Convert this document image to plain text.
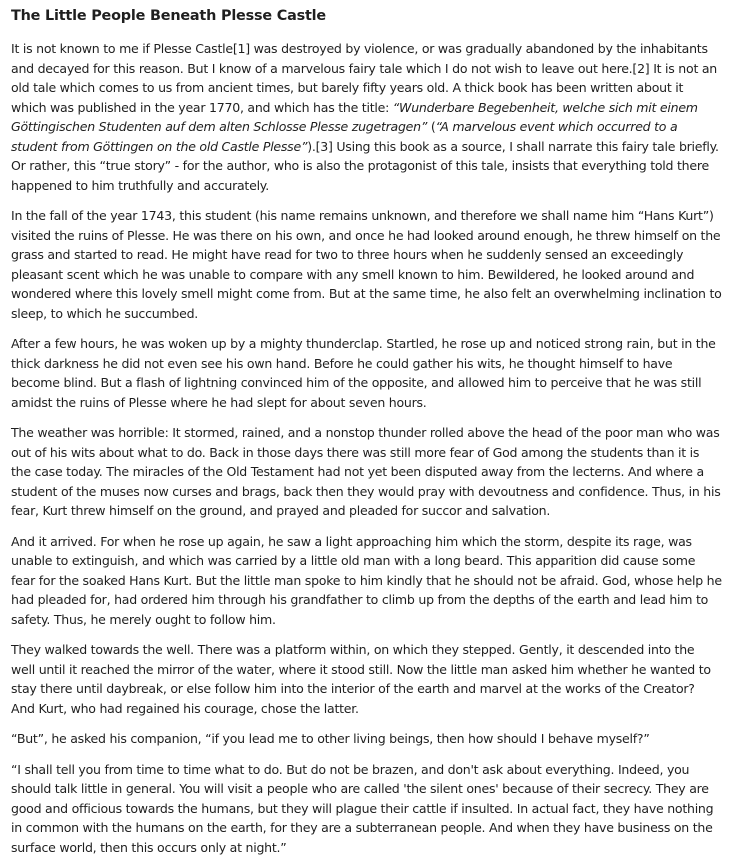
The Little People Beneath Plesse Castle

It is not known to me if Plesse Castle[1] was destroyed by violence, or was gradually abandoned by the inhabitants and decayed for this reason. But I know of a marvelous fairy tale which I do not wish to leave out here.[2] It is not an old tale which comes to us from ancient times, but barely fifty years old. A thick book has been written about it which was published in the year 1770, and which has the title: “Wunderbare Begebenheit, welche sich mit einem Göttingischen Studenten auf dem alten Schlosse Plesse zugetragen” (“A marvelous event which occurred to a student from Göttingen on the old Castle Plesse”).[3] Using this book as a source, I shall narrate this fairy tale briefly. Or rather, this “true story” - for the author, who is also the protagonist of this tale, insists that everything told there happened to him truthfully and accurately.

In the fall of the year 1743, this student (his name remains unknown, and therefore we shall name him “Hans Kurt”) visited the ruins of Plesse. He was there on his own, and once he had looked around enough, he threw himself on the grass and started to read. He might have read for two to three hours when he suddenly sensed an exceedingly pleasant scent which he was unable to compare with any smell known to him. Bewildered, he looked around and wondered where this lovely smell might come from. But at the same time, he also felt an overwhelming inclination to sleep, to which he succumbed.

After a few hours, he was woken up by a mighty thunderclap. Startled, he rose up and noticed strong rain, but in the thick darkness he did not even see his own hand. Before he could gather his wits, he thought himself to have become blind. But a flash of lightning convinced him of the opposite, and allowed him to perceive that he was still amidst the ruins of Plesse where he had slept for about seven hours.

The weather was horrible: It stormed, rained, and a nonstop thunder rolled above the head of the poor man who was out of his wits about what to do. Back in those days there was still more fear of God among the students than it is the case today. The miracles of the Old Testament had not yet been disputed away from the lecterns. And where a student of the muses now curses and brags, back then they would pray with devoutness and confidence. Thus, in his fear, Kurt threw himself on the ground, and prayed and pleaded for succor and salvation.

And it arrived. For when he rose up again, he saw a light approaching him which the storm, despite its rage, was unable to extinguish, and which was carried by a little old man with a long beard. This apparition did cause some fear for the soaked Hans Kurt. But the little man spoke to him kindly that he should not be afraid. God, whose help he had pleaded for, had ordered him through his grandfather to climb up from the depths of the earth and lead him to safety. Thus, he merely ought to follow him.

They walked towards the well. There was a platform within, on which they stepped. Gently, it descended into the well until it reached the mirror of the water, where it stood still. Now the little man asked him whether he wanted to stay there until daybreak, or else follow him into the interior of the earth and marvel at the works of the Creator? And Kurt, who had regained his courage, chose the latter.

“But”, he asked his companion, “if you lead me to other living beings, then how should I behave myself?”

“I shall tell you from time to time what to do. But do not be brazen, and don't ask about everything. Indeed, you should talk little in general. You will visit a people who are called 'the silent ones' because of their secrecy. They are good and officious towards the humans, but they will plague their cattle if insulted. In actual fact, they have nothing in common with the humans on the earth, for they are a subterranean people. And when they have business on the surface world, then this occurs only at night.”
